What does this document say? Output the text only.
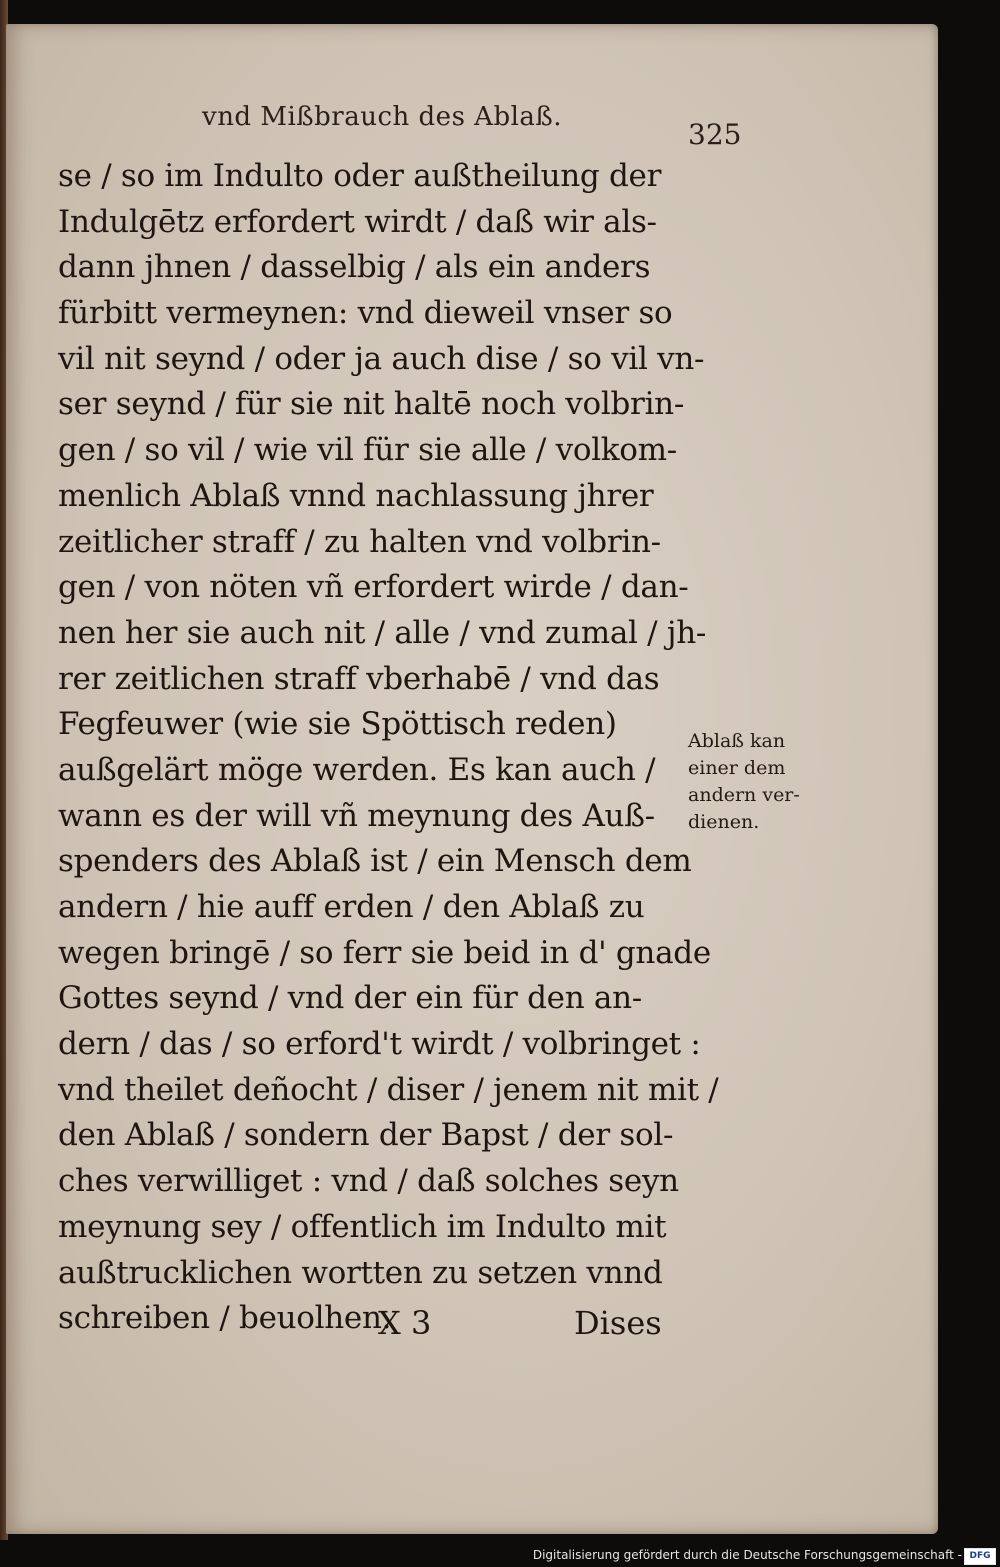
vnd Mißbrauch des Ablaß.
325
se / so im Indulto oder außtheilung der
Indulgētz erfordert wirdt / daß wir als-
dann jhnen / dasselbig / als ein anders
fürbitt vermeynen: vnd dieweil vnser so
vil nit seynd / oder ja auch dise / so vil vn-
ser seynd / für sie nit haltē noch volbrin-
gen / so vil / wie vil für sie alle / volkom-
menlich Ablaß vnnd nachlassung jhrer
zeitlicher straff / zu halten vnd volbrin-
gen / von nöten vñ erfordert wirde / dan-
nen her sie auch nit / alle / vnd zumal / jh-
rer zeitlichen straff vberhabē / vnd das
Fegfeuwer (wie sie Spöttisch reden)
außgelärt möge werden. Es kan auch /
wann es der will vñ meynung des Auß-
spenders des Ablaß ist / ein Mensch dem
andern / hie auff erden / den Ablaß zu
wegen bringē / so ferr sie beid in d' gnade
Gottes seynd / vnd der ein für den an-
dern / das / so erford't wirdt / volbringet :
vnd theilet deñocht / diser / jenem nit mit /
den Ablaß / sondern der Bapst / der sol-
ches verwilliget : vnd / daß solches seyn
meynung sey / offentlich im Indulto mit
außtrucklichen wortten zu setzen vnnd
schreiben / beuolhen.
Ablaß kan
einer dem
andern ver-
dienen.
X 3	Dises
Digitalisierung gefördert durch die Deutsche Forschungsgemeinschaft - DFG
